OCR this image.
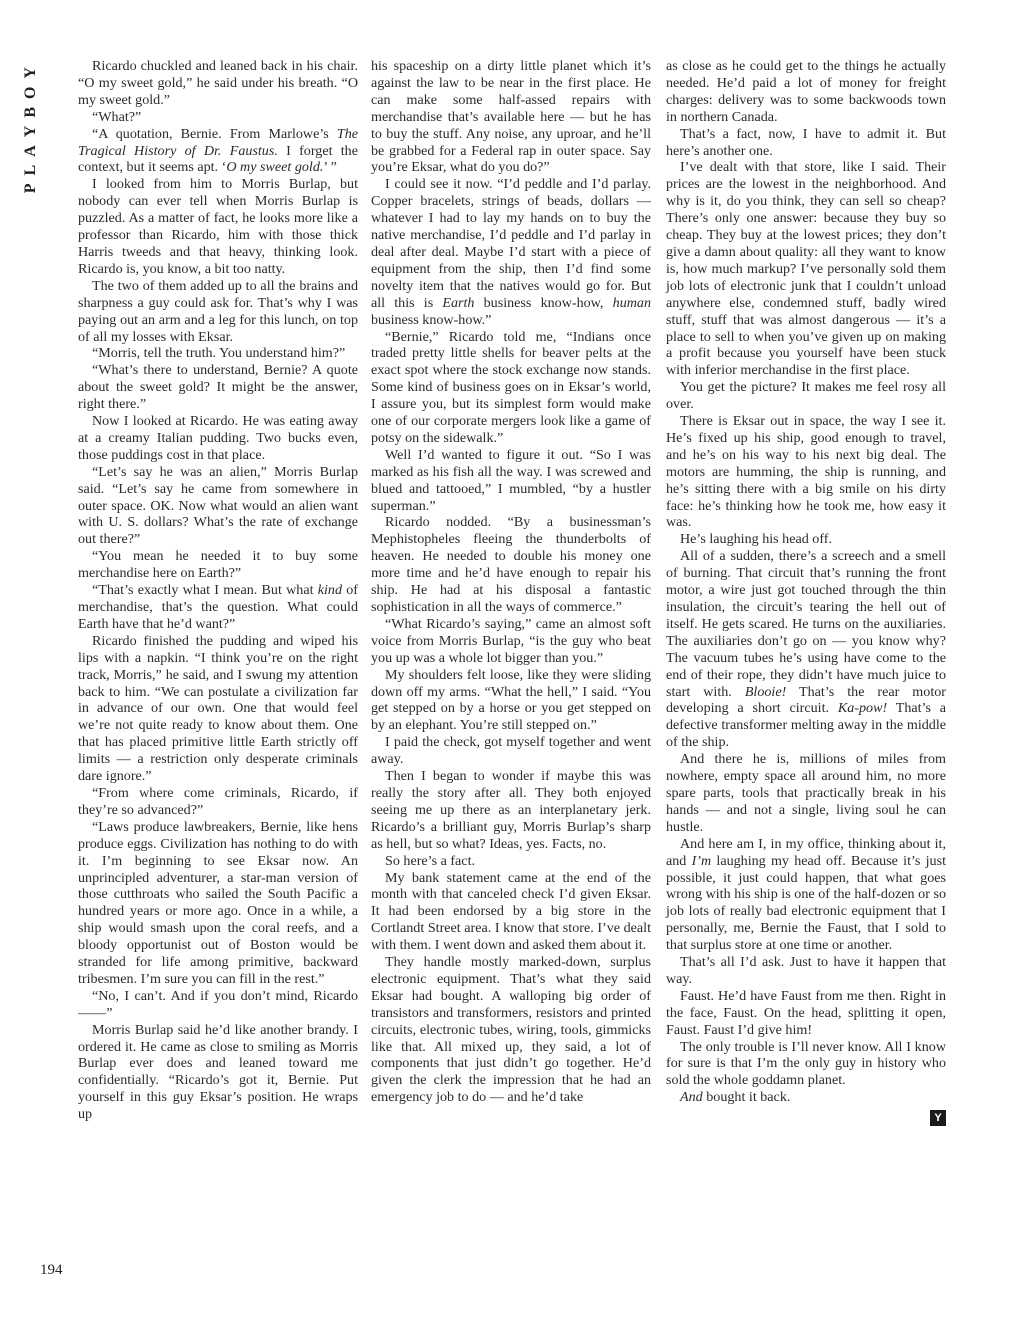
P L A Y B O Y

Ricardo chuckled and leaned back in his chair. “O my sweet gold,” he said under his breath. “O my sweet gold.”

“What?”

“A quotation, Bernie. From Marlowe’s The Tragical History of Dr. Faustus. I forget the context, but it seems apt. ‘O my sweet gold.’ ”

I looked from him to Morris Burlap, but nobody can ever tell when Morris Burlap is puzzled. As a matter of fact, he looks more like a professor than Ricardo, him with those thick Harris tweeds and that heavy, thinking look. Ricardo is, you know, a bit too natty.

The two of them added up to all the brains and sharpness a guy could ask for. That’s why I was paying out an arm and a leg for this lunch, on top of all my losses with Eksar.

“Morris, tell the truth. You understand him?”

“What’s there to understand, Bernie? A quote about the sweet gold? It might be the answer, right there.”

Now I looked at Ricardo. He was eating away at a creamy Italian pudding. Two bucks even, those puddings cost in that place.

“Let’s say he was an alien,” Morris Burlap said. “Let’s say he came from somewhere in outer space. OK. Now what would an alien want with U. S. dollars? What’s the rate of exchange out there?”

“You mean he needed it to buy some merchandise here on Earth?”

“That’s exactly what I mean. But what kind of merchandise, that’s the question. What could Earth have that he’d want?”

Ricardo finished the pudding and wiped his lips with a napkin. “I think you’re on the right track, Morris,” he said, and I swung my attention back to him. “We can postulate a civilization far in advance of our own. One that would feel we’re not quite ready to know about them. One that has placed primitive little Earth strictly off limits — a restriction only desperate criminals dare ignore.”

“From where come criminals, Ricardo, if they’re so advanced?”

“Laws produce lawbreakers, Bernie, like hens produce eggs. Civilization has nothing to do with it. I’m beginning to see Eksar now. An unprincipled adventurer, a star-man version of those cutthroats who sailed the South Pacific a hundred years or more ago. Once in a while, a ship would smash upon the coral reefs, and a bloody opportunist out of Boston would be stranded for life among primitive, backward tribesmen. I’m sure you can fill in the rest.”

“No, I can’t. And if you don’t mind, Ricardo——”

Morris Burlap said he’d like another brandy. I ordered it. He came as close to smiling as Morris Burlap ever does and leaned toward me confidentially. “Ricardo’s got it, Bernie. Put yourself in this guy Eksar’s position. He wraps up

his spaceship on a dirty little planet which it’s against the law to be near in the first place. He can make some half-assed repairs with merchandise that’s available here — but he has to buy the stuff. Any noise, any uproar, and he’ll be grabbed for a Federal rap in outer space. Say you’re Eksar, what do you do?”

I could see it now. “I’d peddle and I’d parlay. Copper bracelets, strings of beads, dollars — whatever I had to lay my hands on to buy the native merchandise, I’d peddle and I’d parlay in deal after deal. Maybe I’d start with a piece of equipment from the ship, then I’d find some novelty item that the natives would go for. But all this is Earth business know-how, human business know-how.”

“Bernie,” Ricardo told me, “Indians once traded pretty little shells for beaver pelts at the exact spot where the stock exchange now stands. Some kind of business goes on in Eksar’s world, I assure you, but its simplest form would make one of our corporate mergers look like a game of potsy on the sidewalk.”

Well I’d wanted to figure it out. “So I was marked as his fish all the way. I was screwed and blued and tattooed,” I mumbled, “by a hustler superman.”

Ricardo nodded. “By a businessman’s Mephistopheles fleeing the thunderbolts of heaven. He needed to double his money one more time and he’d have enough to repair his ship. He had at his disposal a fantastic sophistication in all the ways of commerce.”

“What Ricardo’s saying,” came an almost soft voice from Morris Burlap, “is the guy who beat you up was a whole lot bigger than you.”

My shoulders felt loose, like they were sliding down off my arms. “What the hell,” I said. “You get stepped on by a horse or you get stepped on by an elephant. You’re still stepped on.”

I paid the check, got myself together and went away.

Then I began to wonder if maybe this was really the story after all. They both enjoyed seeing me up there as an interplanetary jerk. Ricardo’s a brilliant guy, Morris Burlap’s sharp as hell, but so what? Ideas, yes. Facts, no.

So here’s a fact.

My bank statement came at the end of the month with that canceled check I’d given Eksar. It had been endorsed by a big store in the Cortlandt Street area. I know that store. I’ve dealt with them. I went down and asked them about it.

They handle mostly marked-down, surplus electronic equipment. That’s what they said Eksar had bought. A walloping big order of transistors and transformers, resistors and printed circuits, electronic tubes, wiring, tools, gimmicks like that. All mixed up, they said, a lot of components that just didn’t go together. He’d given the clerk the impression that he had an emergency job to do — and he’d take

as close as he could get to the things he actually needed. He’d paid a lot of money for freight charges: delivery was to some backwoods town in northern Canada.

That’s a fact, now, I have to admit it. But here’s another one.

I’ve dealt with that store, like I said. Their prices are the lowest in the neighborhood. And why is it, do you think, they can sell so cheap? There’s only one answer: because they buy so cheap. They buy at the lowest prices; they don’t give a damn about quality: all they want to know is, how much markup? I’ve personally sold them job lots of electronic junk that I couldn’t unload anywhere else, condemned stuff, badly wired stuff, stuff that was almost dangerous — it’s a place to sell to when you’ve given up on making a profit because you yourself have been stuck with inferior merchandise in the first place.

You get the picture? It makes me feel rosy all over.

There is Eksar out in space, the way I see it. He’s fixed up his ship, good enough to travel, and he’s on his way to his next big deal. The motors are humming, the ship is running, and he’s sitting there with a big smile on his dirty face: he’s thinking how he took me, how easy it was.

He’s laughing his head off.

All of a sudden, there’s a screech and a smell of burning. That circuit that’s running the front motor, a wire just got touched through the thin insulation, the circuit’s tearing the hell out of itself. He gets scared. He turns on the auxiliaries. The auxiliaries don’t go on — you know why? The vacuum tubes he’s using have come to the end of their rope, they didn’t have much juice to start with. Blooie! That’s the rear motor developing a short circuit. Ka-pow! That’s a defective transformer melting away in the middle of the ship.

And there he is, millions of miles from nowhere, empty space all around him, no more spare parts, tools that practically break in his hands — and not a single, living soul he can hustle.

And here am I, in my office, thinking about it, and I’m laughing my head off. Because it’s just possible, it just could happen, that what goes wrong with his ship is one of the half-dozen or so job lots of really bad electronic equipment that I personally, me, Bernie the Faust, that I sold to that surplus store at one time or another.

That’s all I’d ask. Just to have it happen that way.

Faust. He’d have Faust from me then. Right in the face, Faust. On the head, splitting it open, Faust. Faust I’d give him!

The only trouble is I’ll never know. All I know for sure is that I’m the only guy in history who sold the whole goddamn planet.

And bought it back.

Y
194
